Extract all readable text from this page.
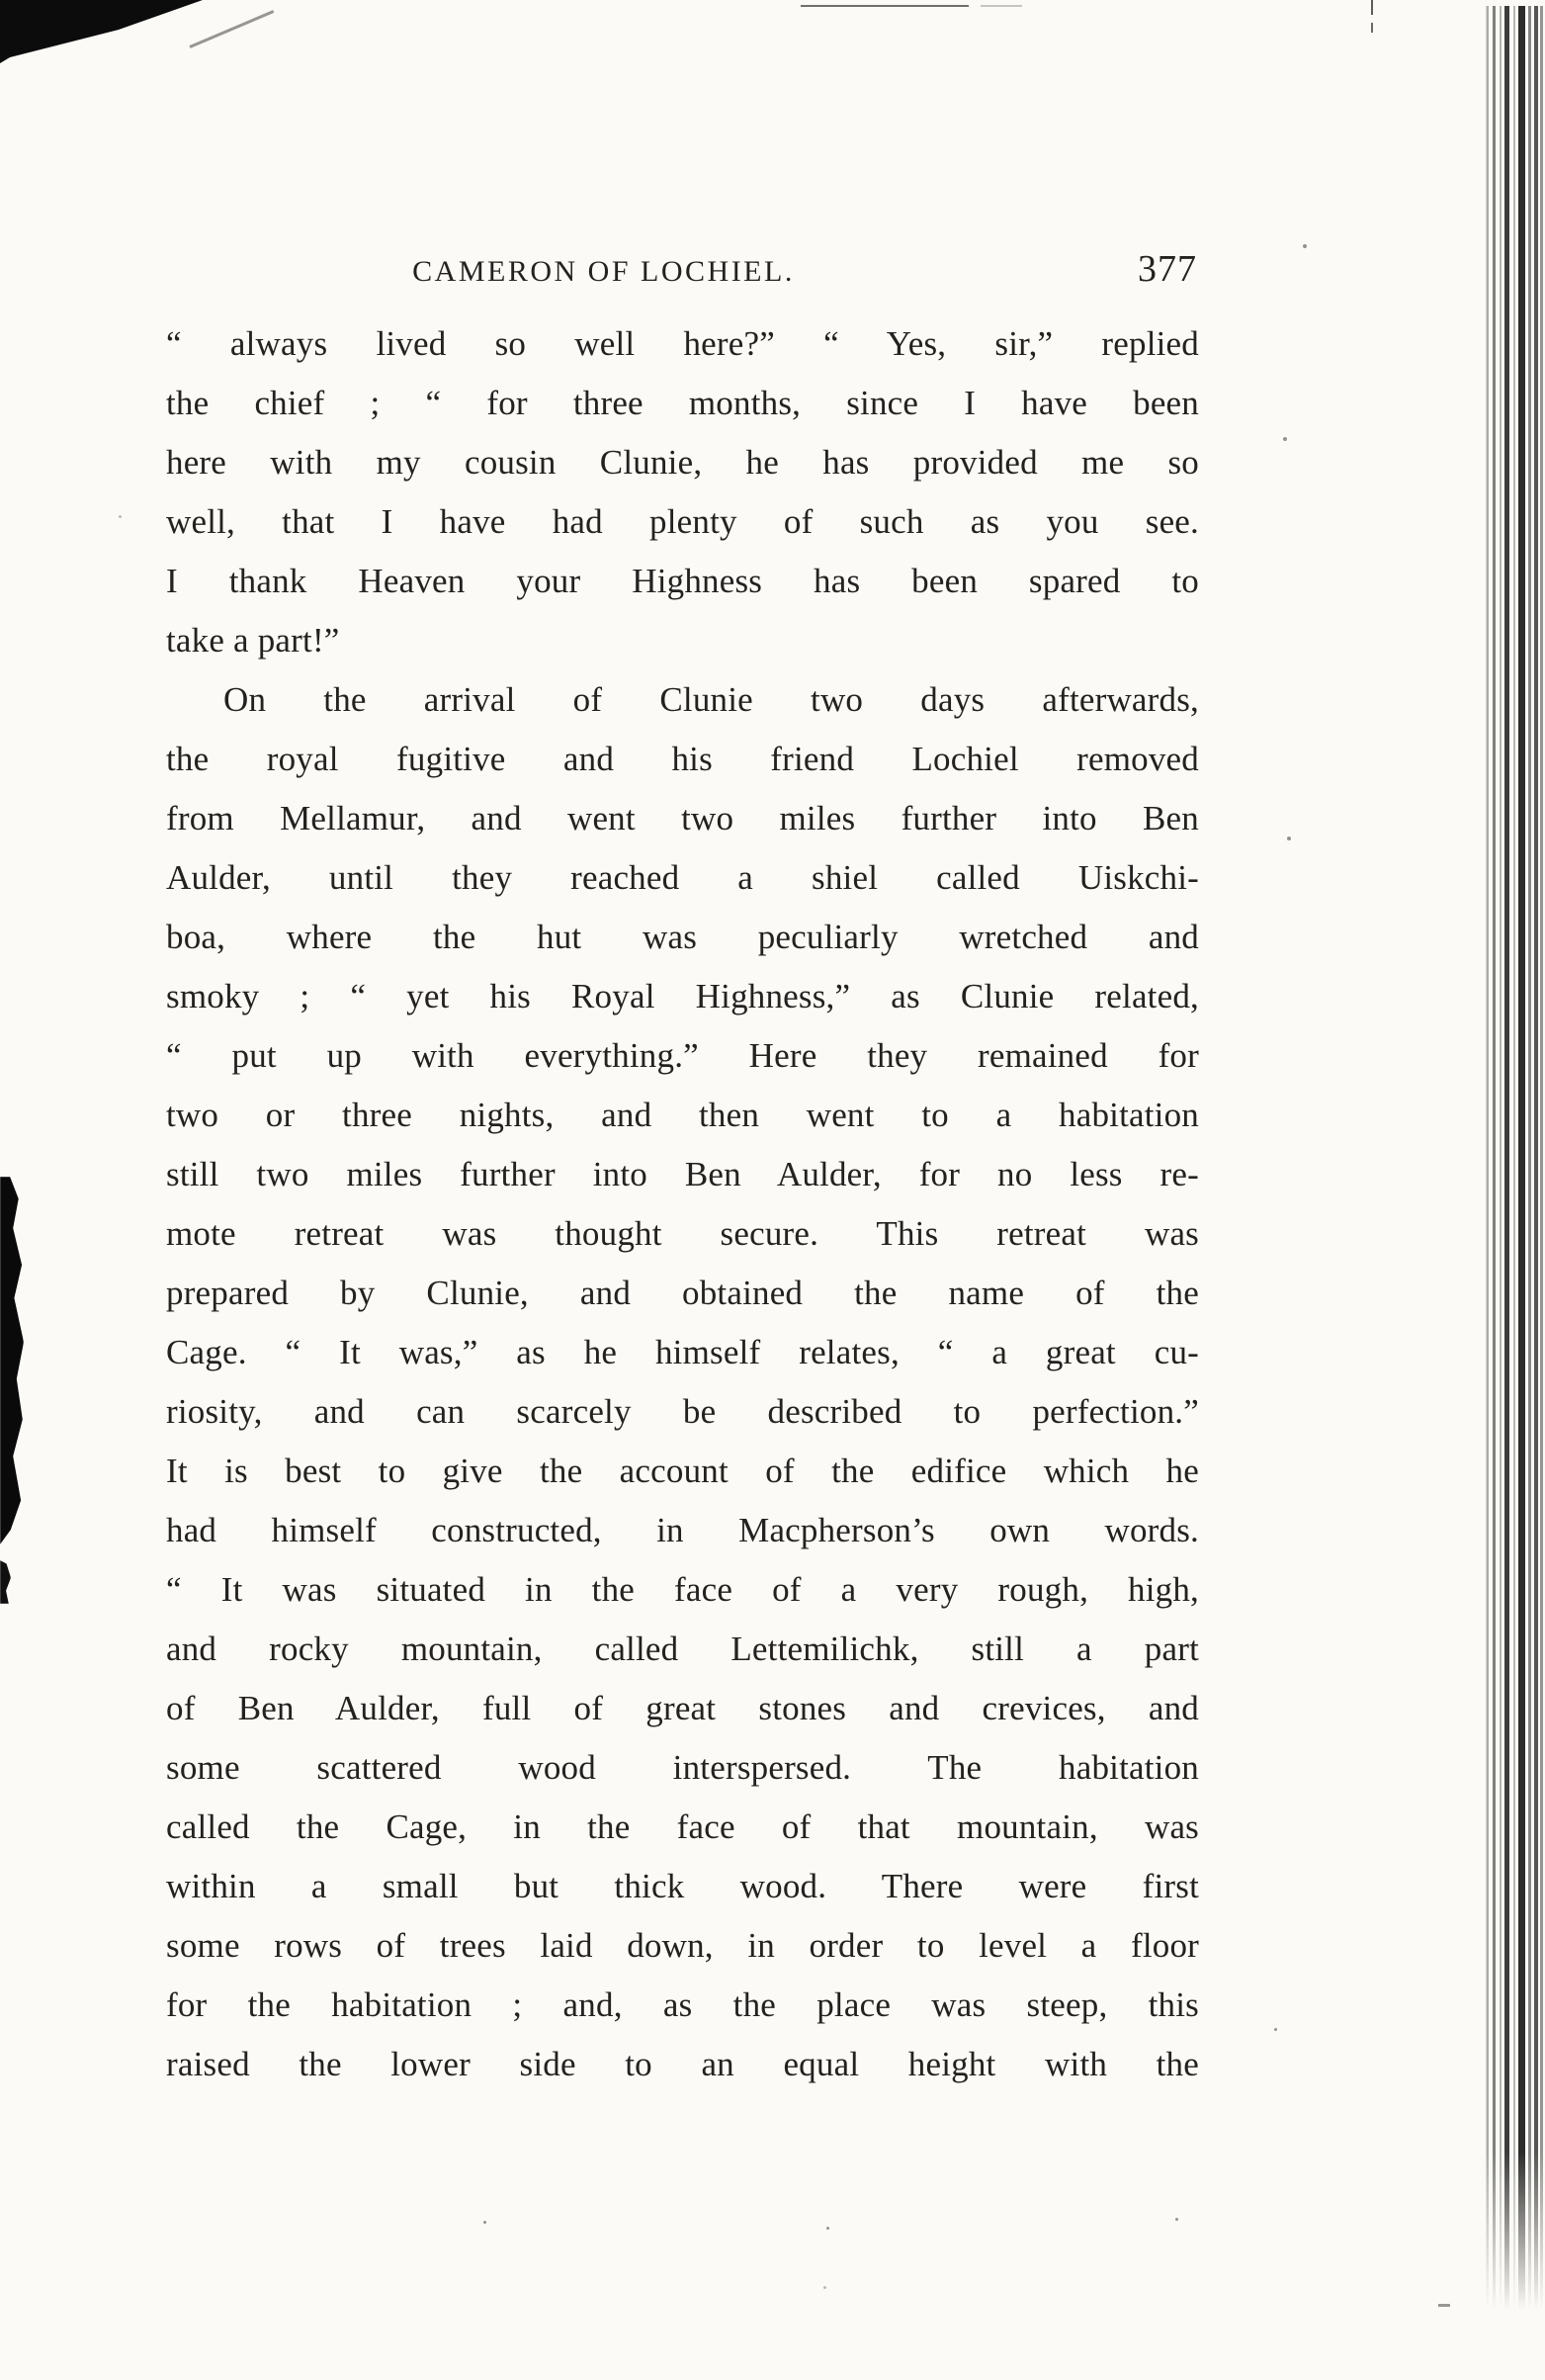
CAMERON OF LOCHIEL.	377
“ always lived so well here?” “ Yes, sir,” replied
the chief ; “ for three months, since I have been
here with my cousin Clunie, he has provided me so
well, that I have had plenty of such as you see.
I thank Heaven your Highness has been spared to
take a part!”
On the arrival of Clunie two days afterwards,
the royal fugitive and his friend Lochiel removed
from Mellamur, and went two miles further into Ben
Aulder, until they reached a shiel called Uiskchi-
boa, where the hut was peculiarly wretched and
smoky ; “ yet his Royal Highness,” as Clunie related,
“ put up with everything.” Here they remained for
two or three nights, and then went to a habitation
still two miles further into Ben Aulder, for no less re-
mote retreat was thought secure. This retreat was
prepared by Clunie, and obtained the name of the
Cage. “ It was,” as he himself relates, “ a great cu-
riosity, and can scarcely be described to perfection.”
It is best to give the account of the edifice which he
had himself constructed, in Macpherson’s own words.
“ It was situated in the face of a very rough, high,
and rocky mountain, called Lettemilichk, still a part
of Ben Aulder, full of great stones and crevices, and
some scattered wood interspersed. The habitation
called the Cage, in the face of that mountain, was
within a small but thick wood. There were first
some rows of trees laid down, in order to level a floor
for the habitation ; and, as the place was steep, this
raised the lower side to an equal height with the
